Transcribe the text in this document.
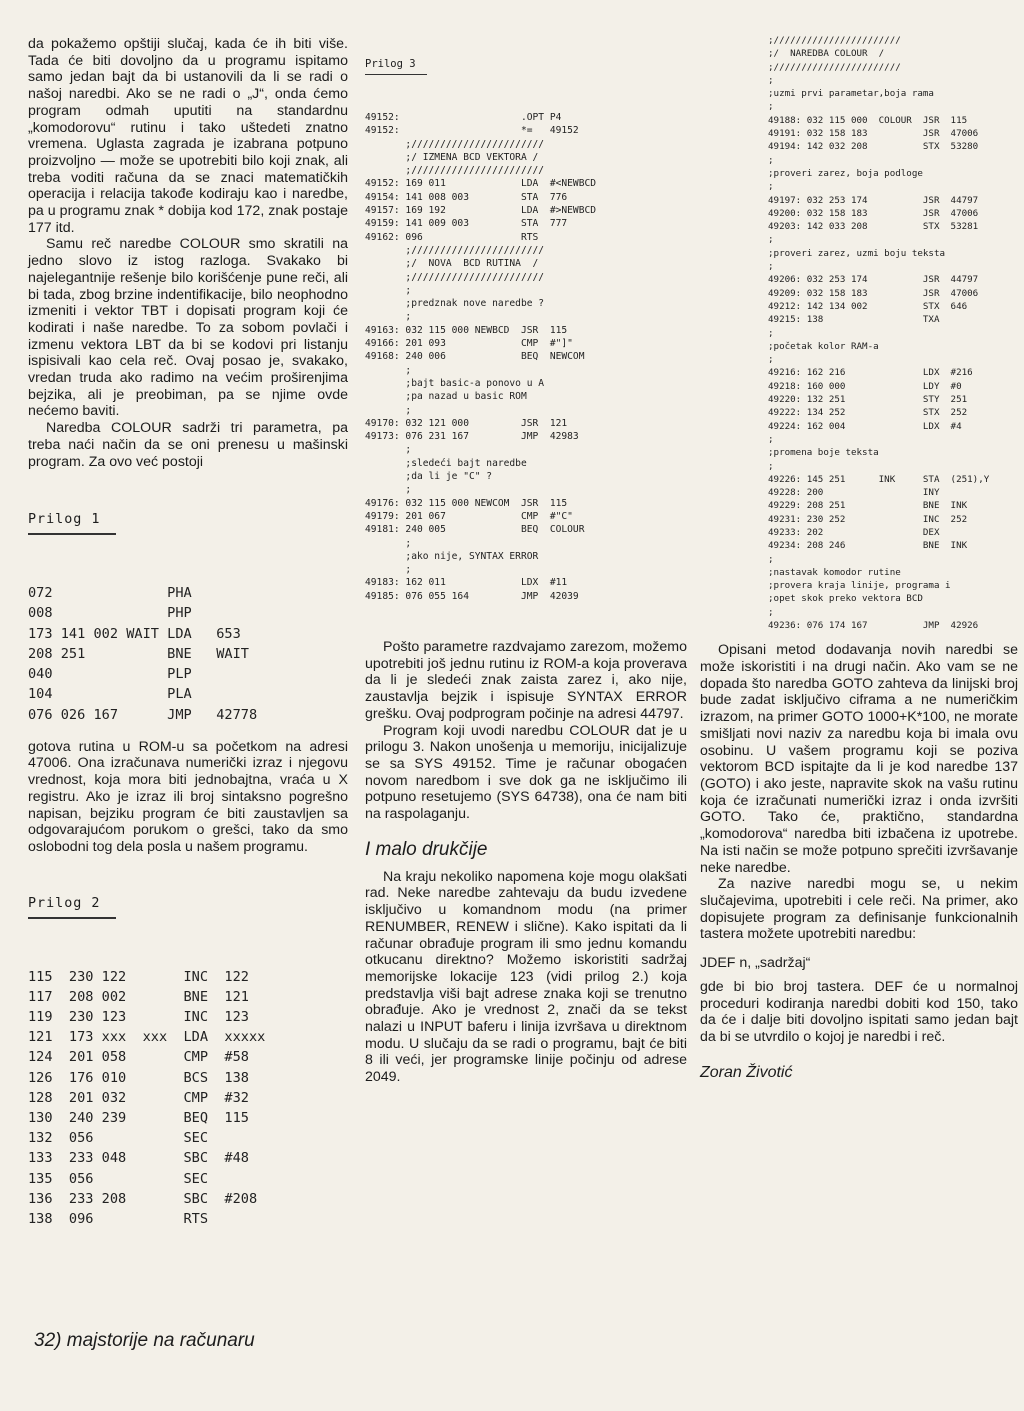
da pokažemo opštiji slučaj, kada će ih biti više. Tada će biti dovoljno da u programu ispitamo samo jedan bajt da bi ustanovili da li se radi o našoj naredbi. Ako se ne radi o „J“, onda ćemo program odmah uputiti na standardnu „komodorovu“ rutinu i tako uštedeti znatno vremena. Uglasta zagrada je izabrana potpuno proizvoljno — može se upotrebiti bilo koji znak, ali treba voditi računa da se znaci matematičkih operacija i relacija takođe kodiraju kao i naredbe, pa u programu znak * dobija kod 172, znak postaje 177 itd.

Samu reč naredbe COLOUR smo skratili na jedno slovo iz istog razloga. Svakako bi najelegantnije rešenje bilo korišćenje pune reči, ali bi tada, zbog brzine indentifikacije, bilo neophodno izmeniti i vektor TBT i dopisati program koji će kodirati i naše naredbe. To za sobom povlači i izmenu vektora LBT da bi se kodovi pri listanju ispisivali kao cela reč. Ovaj posao je, svakako, vredan truda ako radimo na većim proširenjima bejzika, ali je preobiman, pa se njime ovde nećemo baviti.

Naredba COLOUR sadrži tri parametra, pa treba naći način da se oni prenesu u mašinski program. Za ovo već postoji

Prilog 1

072              PHA
008              PHP
173 141 002 WAIT LDA   653
208 251          BNE   WAIT
040              PLP
104              PLA
076 026 167      JMP   42778

gotova rutina u ROM-u sa početkom na adresi 47006. Ona izračunava numerički izraz i njegovu vrednost, koja mora biti jednobajtna, vraća u X registru. Ako je izraz ili broj sintaksno pogrešno napisan, bejziku program će biti zaustavljen sa odgovarajućom porukom o grešci, tako da smo oslobodni tog dela posla u našem programu.

Prilog 2

115  230 122       INC  122
117  208 002       BNE  121
119  230 123       INC  123
121  173 xxx  xxx  LDA  xxxxx
124  201 058       CMP  #58
126  176 010       BCS  138
128  201 032       CMP  #32
130  240 239       BEQ  115
132  056           SEC
133  233 048       SBC  #48
135  056           SEC
136  233 208       SBC  #208
138  096           RTS

Prilog 3

49152:                     .OPT P4
49152:                     *=   49152
;///////////////////////
;/ IZMENA BCD VEKTORA /
;///////////////////////
49152: 169 011             LDA  #<NEWBCD
49154: 141 008 003         STA  776
49157: 169 192             LDA  #>NEWBCD
49159: 141 009 003         STA  777
49162: 096                 RTS
;///////////////////////
;/  NOVA  BCD RUTINA  /
;///////////////////////
;
;predznak nove naredbe ?
;
49163: 032 115 000 NEWBCD  JSR  115
49166: 201 093             CMP  #"]"
49168: 240 006             BEQ  NEWCOM
;
;bajt basic-a ponovo u A
;pa nazad u basic ROM
;
49170: 032 121 000         JSR  121
49173: 076 231 167         JMP  42983
;
;sledeći bajt naredbe
;da li je "C" ?
;
49176: 032 115 000 NEWCOM  JSR  115
49179: 201 067             CMP  #"C"
49181: 240 005             BEQ  COLOUR
;
;ako nije, SYNTAX ERROR
;
49183: 162 011             LDX  #11
49185: 076 055 164         JMP  42039

Pošto parametre razdvajamo zarezom, možemo upotrebiti još jednu rutinu iz ROM-a koja proverava da li je sledeći znak zaista zarez i, ako nije, zaustavlja bejzik i ispisuje SYNTAX ERROR grešku. Ovaj podprogram počinje na adresi 44797.

Program koji uvodi naredbu COLOUR dat je u prilogu 3. Nakon unošenja u memoriju, inicijalizuje se sa SYS 49152. Time je računar obogaćen novom naredbom i sve dok ga ne isključimo ili potpuno resetujemo (SYS 64738), ona će nam biti na raspolaganju.

I malo drukčije

Na kraju nekoliko napomena koje mogu olakšati rad. Neke naredbe zahtevaju da budu izvedene isključivo u komandnom modu (na primer RENUMBER, RENEW i slične). Kako ispitati da li računar obrađuje program ili smo jednu komandu otkucanu direktno? Možemo iskoristiti sadržaj memorijske lokacije 123 (vidi prilog 2.) koja predstavlja viši bajt adrese znaka koji se trenutno obrađuje. Ako je vrednost 2, znači da se tekst nalazi u INPUT baferu i linija izvršava u direktnom modu. U slučaju da se radi o programu, bajt će biti 8 ili veći, jer programske linije počinju od adrese 2049.

;///////////////////////
;/  NAREDBA COLOUR  /
;///////////////////////
;
;uzmi prvi parametar,boja rama
;
49188: 032 115 000  COLOUR  JSR  115
49191: 032 158 183          JSR  47006
49194: 142 032 208          STX  53280
;
;proveri zarez, boja podloge
;
49197: 032 253 174          JSR  44797
49200: 032 158 183          JSR  47006
49203: 142 033 208          STX  53281
;
;proveri zarez, uzmi boju teksta
;
49206: 032 253 174          JSR  44797
49209: 032 158 183          JSR  47006
49212: 142 134 002          STX  646
49215: 138                  TXA
;
;početak kolor RAM-a
;
49216: 162 216              LDX  #216
49218: 160 000              LDY  #0
49220: 132 251              STY  251
49222: 134 252              STX  252
49224: 162 004              LDX  #4
;
;promena boje teksta
;
49226: 145 251      INK     STA  (251),Y
49228: 200                  INY
49229: 208 251              BNE  INK
49231: 230 252              INC  252
49233: 202                  DEX
49234: 208 246              BNE  INK
;
;nastavak komodor rutine
;provera kraja linije, programa i
;opet skok preko vektora BCD
;
49236: 076 174 167          JMP  42926

Opisani metod dodavanja novih naredbi se može iskoristiti i na drugi način. Ako vam se ne dopada što naredba GOTO zahteva da linijski broj bude zadat isključivo ciframa a ne numeričkim izrazom, na primer GOTO 1000+K*100, ne morate smišljati novi naziv za naredbu koja bi imala ovu osobinu. U vašem programu koji se poziva vektorom BCD ispitajte da li je kod naredbe 137 (GOTO) i ako jeste, napravite skok na vašu rutinu koja će izračunati numerički izraz i onda izvršiti GOTO. Tako će, praktično, standardna „komodorova“ naredba biti izbačena iz upotrebe. Na isti način se može potpuno sprečiti izvršavanje neke naredbe.

Za nazive naredbi mogu se, u nekim slučajevima, upotrebiti i cele reči. Na primer, ako dopisujete program za definisanje funkcionalnih tastera možete upotrebiti naredbu:

JDEF n, „sadržaj“

gde bi bio broj tastera. DEF će u normalnoj proceduri kodiranja naredbi dobiti kod 150, tako da će i dalje biti dovoljno ispitati samo jedan bajt da bi se utvrdilo o kojoj je naredbi i reč.

Zoran Životić

32) majstorije na računaru
